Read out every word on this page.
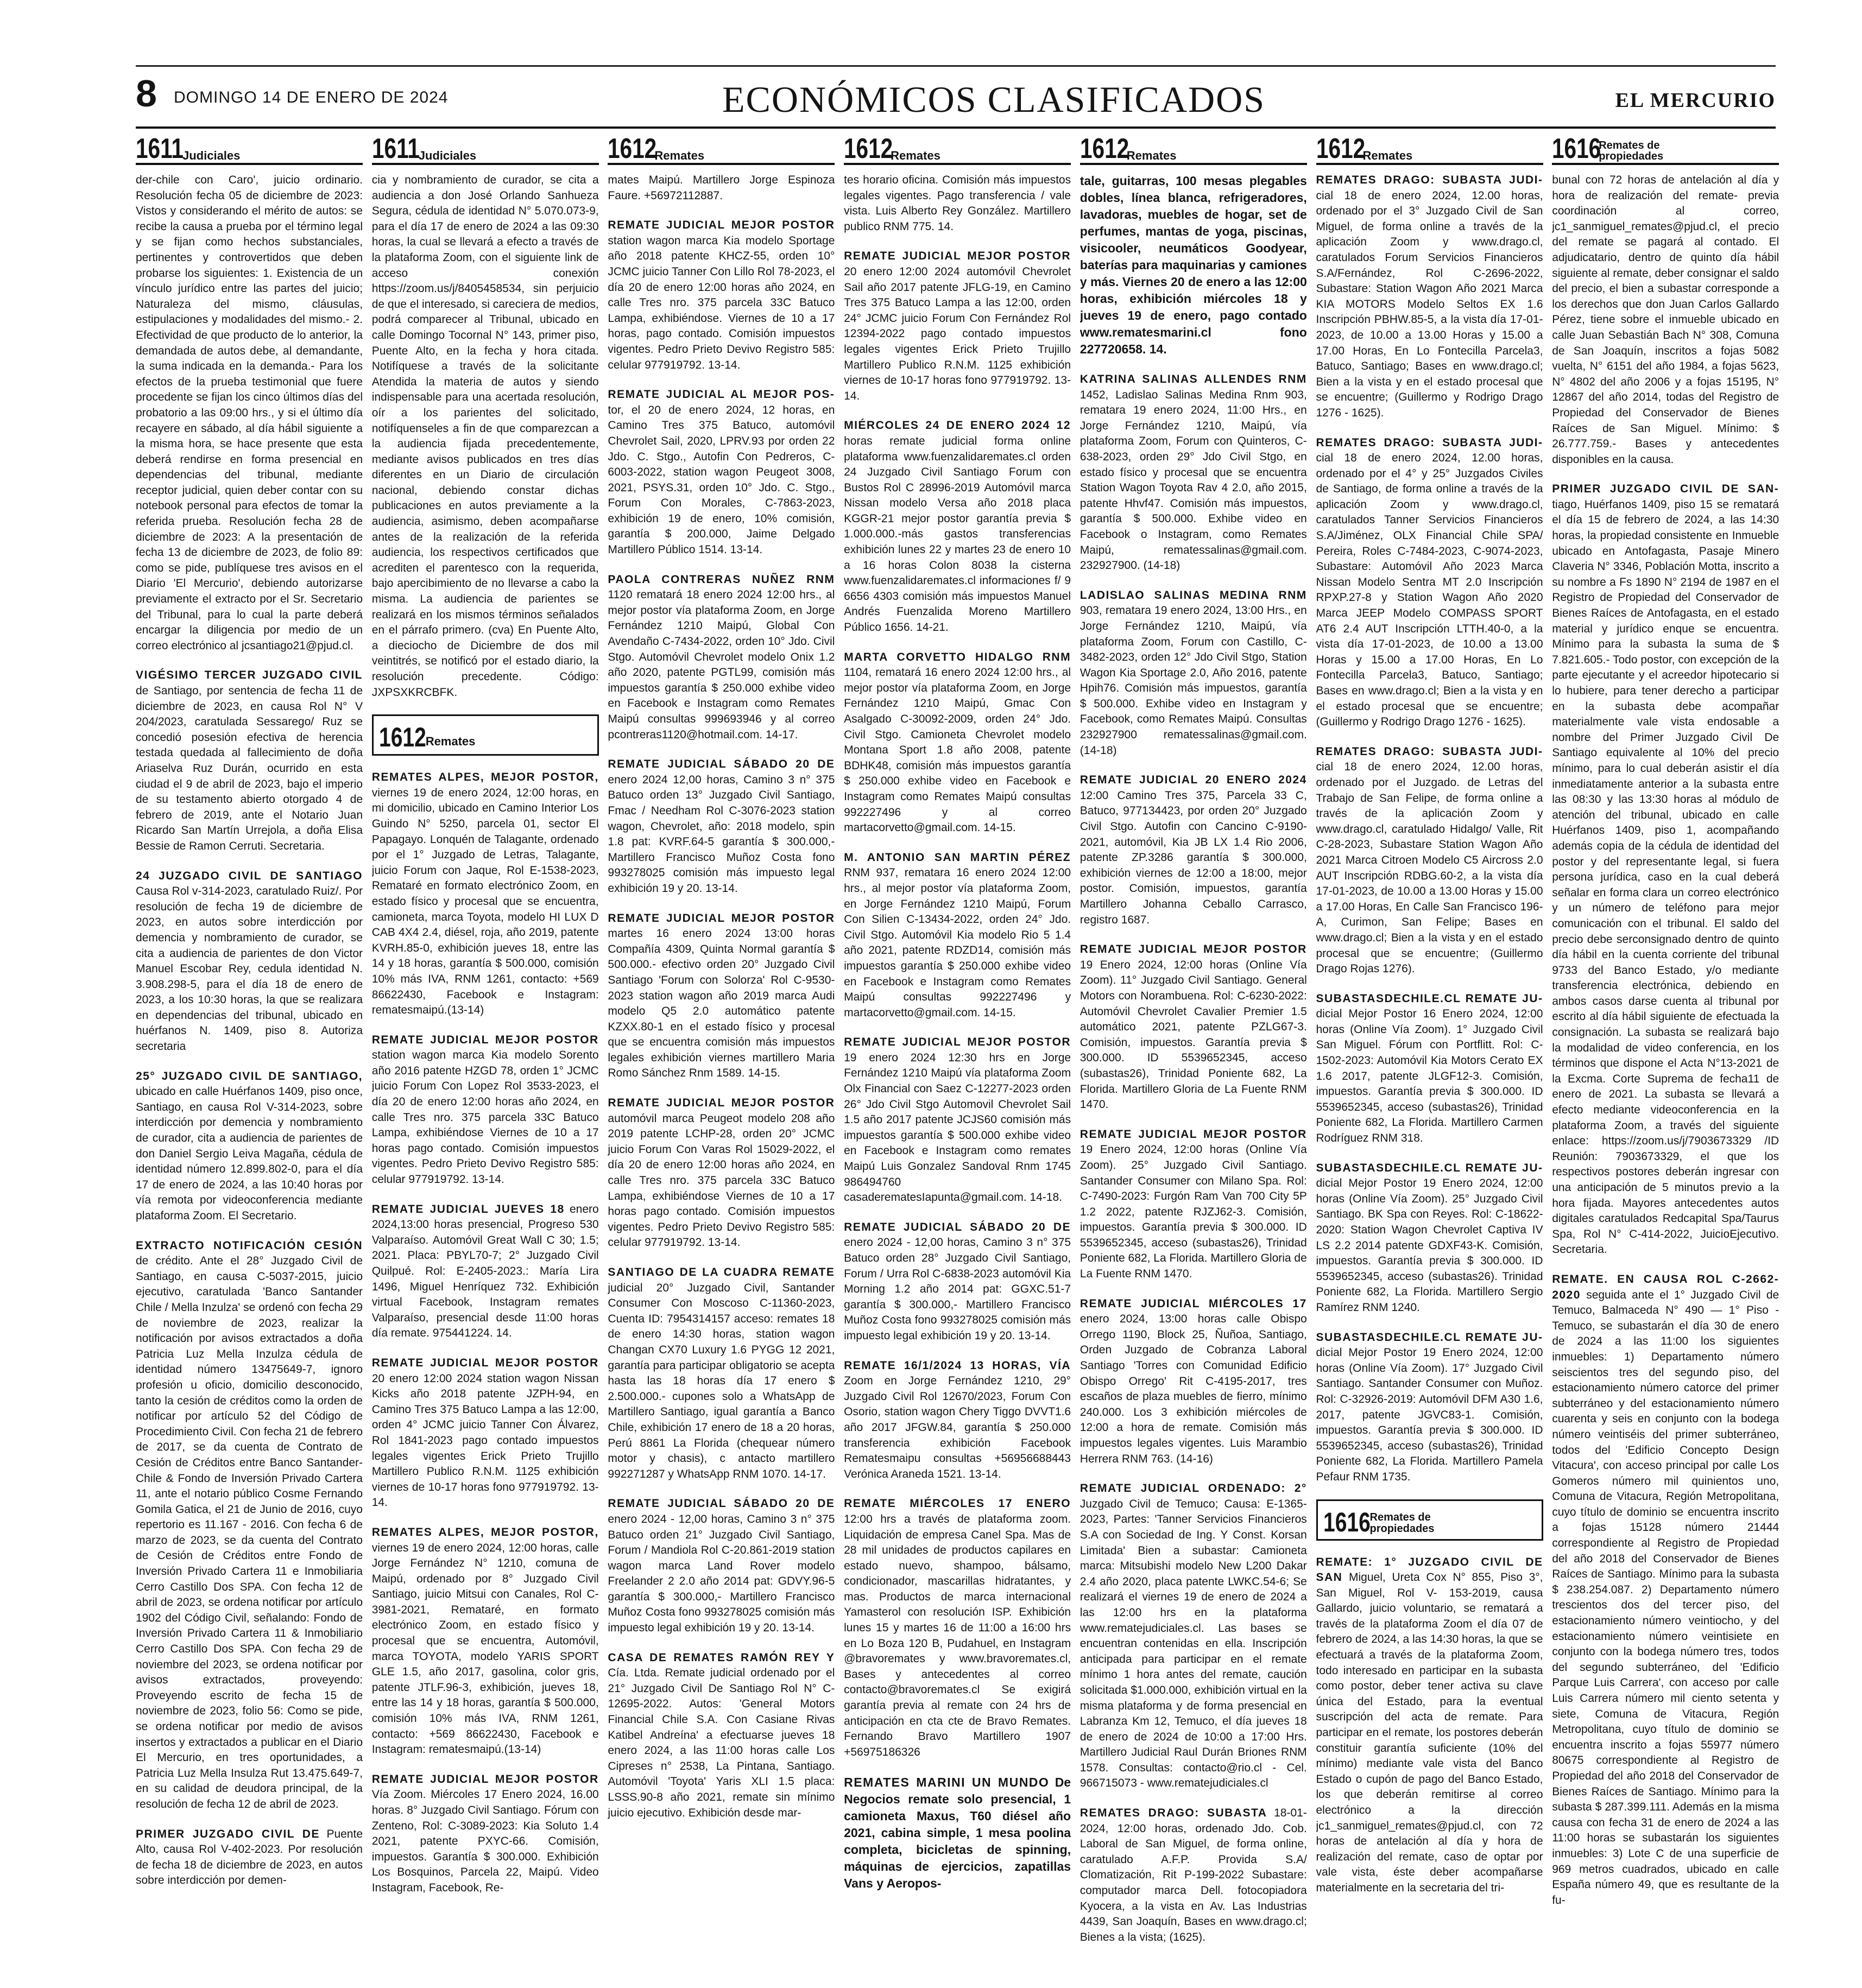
8 DOMINGO 14 DE ENERO DE 2024	ECONÓMICOS CLASIFICADOS	EL MERCURIO
1611
Judiciales

der-chile con Caro', juicio ordinario. Resolución fecha 05 de diciembre de 2023: Vistos y considerando el mérito de autos: se recibe la causa a prueba por el término legal y se fijan como hechos substanciales, pertinentes y controvertidos que deben probarse los siguientes: 1. Existencia de un vínculo jurídico entre las partes del juicio; Naturaleza del mismo, cláusulas, estipulaciones y modalidades del mismo.- 2. Efectividad de que producto de lo anterior, la demandada de autos debe, al demandante, la suma indicada en la demanda.- Para los efectos de la prueba testimonial que fuere procedente se fijan los cinco últimos días del probatorio a las 09:00 hrs., y si el último día recayere en sábado, al día hábil siguiente a la misma hora, se hace presente que esta deberá rendirse en forma presencial en dependencias del tribunal, mediante receptor judicial, quien deber contar con su notebook personal para efectos de tomar la referida prueba. Resolución fecha 28 de diciembre de 2023: A la presentación de fecha 13 de diciembre de 2023, de folio 89: como se pide, publíquese tres avisos en el Diario 'El Mercurio', debiendo autorizarse previamente el extracto por el Sr. Secretario del Tribunal, para lo cual la parte deberá encargar la diligencia por medio de un correo electrónico al jcsantiago21@pjud.cl.

VIGÉSIMO TERCER JUZGADO CIVIL de Santiago, por sentencia de fecha 11 de diciembre de 2023, en causa Rol N° V 204/2023, caratulada Sessarego/ Ruz se concedió posesión efectiva de herencia testada quedada al fallecimiento de doña Ariaselva Ruz Durán, ocurrido en esta ciudad el 9 de abril de 2023, bajo el imperio de su testamento abierto otorgado 4 de febrero de 2019, ante el Notario Juan Ricardo San Martín Urrejola, a doña Elisa Bessie de Ramon Cerruti. Secretaria.

24 JUZGADO CIVIL DE SANTIAGO Causa Rol v-314-2023, caratulado Ruiz/. Por resolución de fecha 19 de diciembre de 2023, en autos sobre interdicción por demencia y nombramiento de curador, se cita a audiencia de parientes de don Victor Manuel Escobar Rey, cedula identidad N. 3.908.298-5, para el día 18 de enero de 2023, a los 10:30 horas, la que se realizara en dependencias del tribunal, ubicado en huérfanos N. 1409, piso 8. Autoriza secretaria

25° JUZGADO CIVIL DE SANTIAGO, ubicado en calle Huérfanos 1409, piso once, Santiago, en causa Rol V-314-2023, sobre interdicción por demencia y nombramiento de curador, cita a audiencia de parientes de don Daniel Sergio Leiva Magaña, cédula de identidad número 12.899.802-0, para el día 17 de enero de 2024, a las 10:40 horas por vía remota por videoconferencia mediante plataforma Zoom. El Secretario.

EXTRACTO NOTIFICACIÓN CESIÓN de crédito. Ante el 28° Juzgado Civil de Santiago, en causa C-5037-2015, juicio ejecutivo, caratulada 'Banco Santander Chile / Mella Inzulza' se ordenó con fecha 29 de noviembre de 2023, realizar la notificación por avisos extractados a doña Patricia Luz Mella Inzulza cédula de identidad número 13475649-7, ignoro profesión u oficio, domicilio desconocido, tanto la cesión de créditos como la orden de notificar por artículo 52 del Código de Procedimiento Civil. Con fecha 21 de febrero de 2017, se da cuenta de Contrato de Cesión de Créditos entre Banco Santander-Chile & Fondo de Inversión Privado Cartera 11, ante el notario público Cosme Fernando Gomila Gatica, el 21 de Junio de 2016, cuyo repertorio es 11.167 - 2016. Con fecha 6 de marzo de 2023, se da cuenta del Contrato de Cesión de Créditos entre Fondo de Inversión Privado Cartera 11 e Inmobiliaria Cerro Castillo Dos SPA. Con fecha 12 de abril de 2023, se ordena notificar por artículo 1902 del Código Civil, señalando: Fondo de Inversión Privado Cartera 11 & Inmobiliario Cerro Castillo Dos SPA. Con fecha 29 de noviembre del 2023, se ordena notificar por avisos extractados, proveyendo: Proveyendo escrito de fecha 15 de noviembre de 2023, folio 56: Como se pide, se ordena notificar por medio de avisos insertos y extractados a publicar en el Diario El Mercurio, en tres oportunidades, a Patricia Luz Mella Insulza Rut 13.475.649-7, en su calidad de deudora principal, de la resolución de fecha 12 de abril de 2023.

PRIMER JUZGADO CIVIL DE Puente Alto, causa Rol V-402-2023. Por resolución de fecha 18 de diciembre de 2023, en autos sobre interdicción por demen-

1611
Judiciales

cia y nombramiento de curador, se cita a audiencia a don José Orlando Sanhueza Segura, cédula de identidad N° 5.070.073-9, para el día 17 de enero de 2024 a las 09:30 horas, la cual se llevará a efecto a través de la plataforma Zoom, con el siguiente link de acceso conexión https://zoom.us/j/8405458534, sin perjuicio de que el interesado, si careciera de medios, podrá comparecer al Tribunal, ubicado en calle Domingo Tocornal N° 143, primer piso, Puente Alto, en la fecha y hora citada. Notifíquese a través de la solicitante Atendida la materia de autos y siendo indispensable para una acertada resolución, oír a los parientes del solicitado, notifíquenseles a fin de que comparezcan a la audiencia fijada precedentemente, mediante avisos publicados en tres días diferentes en un Diario de circulación nacional, debiendo constar dichas publicaciones en autos previamente a la audiencia, asimismo, deben acompañarse antes de la realización de la referida audiencia, los respectivos certificados que acrediten el parentesco con la requerida, bajo apercibimiento de no llevarse a cabo la misma. La audiencia de parientes se realizará en los mismos términos señalados en el párrafo primero. (cva) En Puente Alto, a dieciocho de Diciembre de dos mil veintitrés, se notificó por el estado diario, la resolución precedente. Código: JXPSXKRCBFK.

1612 Remates

REMATES ALPES, MEJOR POSTOR, viernes 19 de enero 2024, 12:00 horas, en mi domicilio, ubicado en Camino Interior Los Guindo N° 5250, parcela 01, sector El Papagayo. Lonquén de Talagante, ordenado por el 1° Juzgado de Letras, Talagante, juicio Forum con Jaque, Rol E-1538-2023, Remataré en formato electrónico Zoom, en estado físico y procesal que se encuentra, camioneta, marca Toyota, modelo HI LUX D CAB 4X4 2.4, diésel, roja, año 2019, patente KVRH.85-0, exhibición jueves 18, entre las 14 y 18 horas, garantía $ 500.000, comisión 10% más IVA, RNM 1261, contacto: +569 86622430, Facebook e Instagram: rematesmaipú.(13-14)

REMATE JUDICIAL MEJOR POSTOR station wagon marca Kia modelo Sorento año 2016 patente HZGD 78, orden 1° JCMC juicio Forum Con Lopez Rol 3533-2023, el día 20 de enero 12:00 horas año 2024, en calle Tres nro. 375 parcela 33C Batuco Lampa, exhibiéndose Viernes de 10 a 17 horas pago contado. Comisión impuestos vigentes. Pedro Prieto Devivo Registro 585: celular 977919792. 13-14.

REMATE JUDICIAL JUEVES 18 enero 2024,13:00 horas presencial, Progreso 530 Valparaíso. Automóvil Great Wall C 30; 1.5; 2021. Placa: PBYL70-7; 2° Juzgado Civil Quilpué. Rol: E-2405-2023.: María Lira 1496, Miguel Henríquez 732. Exhibición virtual Facebook, Instagram remates Valparaíso, presencial desde 11:00 horas día remate. 975441224. 14.

REMATE JUDICIAL MEJOR POSTOR 20 enero 12:00 2024 station wagon Nissan Kicks año 2018 patente JZPH-94, en Camino Tres 375 Batuco Lampa a las 12:00, orden 4° JCMC juicio Tanner Con Álvarez, Rol 1841-2023 pago contado impuestos legales vigentes Erick Prieto Trujillo Martillero Publico R.N.M. 1125 exhibición viernes de 10-17 horas fono 977919792. 13-14.

REMATES ALPES, MEJOR POSTOR, viernes 19 de enero 2024, 12:00 horas, calle Jorge Fernández N° 1210, comuna de Maipú, ordenado por 8° Juzgado Civil Santiago, juicio Mitsui con Canales, Rol C-3981-2021, Remataré, en formato electrónico Zoom, en estado físico y procesal que se encuentra, Automóvil, marca TOYOTA, modelo YARIS SPORT GLE 1.5, año 2017, gasolina, color gris, patente JTLF.96-3, exhibición, jueves 18, entre las 14 y 18 horas, garantía $ 500.000, comisión 10% más IVA, RNM 1261, contacto: +569 86622430, Facebook e Instagram: rematesmaipú.(13-14)

REMATE JUDICIAL MEJOR POSTOR Vía Zoom. Miércoles 17 Enero 2024, 16.00 horas. 8° Juzgado Civil Santiago. Fórum con Zenteno, Rol: C-3089-2023: Kia Soluto 1.4 2021, patente PXYC-66. Comisión, impuestos. Garantía $ 300.000. Exhibición Los Bosquinos, Parcela 22, Maipú. Video Instagram, Facebook, Re-

1612
Remates

mates Maipú. Martillero Jorge Espinoza Faure. +56972112887.

REMATE JUDICIAL MEJOR POSTOR station wagon marca Kia modelo Sportage año 2018 patente KHCZ-55, orden 10° JCMC juicio Tanner Con Lillo Rol 78-2023, el día 20 de enero 12:00 horas año 2024, en calle Tres nro. 375 parcela 33C Batuco Lampa, exhibiéndose. Viernes de 10 a 17 horas, pago contado. Comisión impuestos vigentes. Pedro Prieto Devivo Registro 585: celular 977919792. 13-14.

REMATE JUDICIAL AL MEJOR POS- tor, el 20 de enero 2024, 12 horas, en Camino Tres 375 Batuco, automóvil Chevrolet Sail, 2020, LPRV.93 por orden 22 Jdo. C. Stgo., Autofin Con Pedreros, C-6003-2022, station wagon Peugeot 3008, 2021, PSYS.31, orden 10° Jdo. C. Stgo., Forum Con Morales, C-7863-2023, exhibición 19 de enero, 10% comisión, garantía $ 200.000, Jaime Delgado Martillero Público 1514. 13-14.

PAOLA CONTRERAS NUÑEZ RNM 1120 rematará 18 enero 2024 12:00 hrs., al mejor postor vía plataforma Zoom, en Jorge Fernández 1210 Maipú, Global Con Avendaño C-7434-2022, orden 10° Jdo. Civil Stgo. Automóvil Chevrolet modelo Onix 1.2 año 2020, patente PGTL99, comisión más impuestos garantía $ 250.000 exhibe video en Facebook e Instagram como Remates Maipú consultas 999693946 y al correo pcontreras1120@hotmail.com. 14-17.

REMATE JUDICIAL SÁBADO 20 DE enero 2024 12,00 horas, Camino 3 n° 375 Batuco orden 13° Juzgado Civil Santiago, Fmac / Needham Rol C-3076-2023 station wagon, Chevrolet, año: 2018 modelo, spin 1.8 pat: KVRF.64-5 garantía $ 300.000,- Martillero Francisco Muñoz Costa fono 993278025 comisión más impuesto legal exhibición 19 y 20. 13-14.

REMATE JUDICIAL MEJOR POSTOR martes 16 enero 2024 13:00 horas Compañía 4309, Quinta Normal garantía $ 500.000.- efectivo orden 20° Juzgado Civil Santiago 'Forum con Solorza' Rol C-9530-2023 station wagon año 2019 marca Audi modelo Q5 2.0 automático patente KZXX.80-1 en el estado físico y procesal que se encuentra comisión más impuestos legales exhibición viernes martillero Maria Romo Sánchez Rnm 1589. 14-15.

REMATE JUDICIAL MEJOR POSTOR automóvil marca Peugeot modelo 208 año 2019 patente LCHP-28, orden 20° JCMC juicio Forum Con Varas Rol 15029-2022, el día 20 de enero 12:00 horas año 2024, en calle Tres nro. 375 parcela 33C Batuco Lampa, exhibiéndose Viernes de 10 a 17 horas pago contado. Comisión impuestos vigentes. Pedro Prieto Devivo Registro 585: celular 977919792. 13-14.

SANTIAGO DE LA CUADRA REMATE judicial 20° Juzgado Civil, Santander Consumer Con Moscoso C-11360-2023, Cuenta ID: 7954314157 acceso: remates 18 de enero 14:30 horas, station wagon Changan CX70 Luxury 1.6 PYGG 12 2021, garantía para participar obligatorio se acepta hasta las 18 horas día 17 enero $ 2.500.000.- cupones solo a WhatsApp de Martillero Santiago, igual garantía a Banco Chile, exhibición 17 enero de 18 a 20 horas, Perú 8861 La Florida (chequear número motor y chasis), c antacto martillero 992271287 y WhatsApp RNM 1070. 14-17.

REMATE JUDICIAL SÁBADO 20 DE enero 2024 - 12,00 horas, Camino 3 n° 375 Batuco orden 21° Juzgado Civil Santiago, Forum / Mandiola Rol C-20.861-2019 station wagon marca Land Rover modelo Freelander 2 2.0 año 2014 pat: GDVY.96-5 garantía $ 300.000,- Martillero Francisco Muñoz Costa fono 993278025 comisión más impuesto legal exhibición 19 y 20. 13-14.

CASA DE REMATES RAMÓN REY Y Cía. Ltda. Remate judicial ordenado por el 21° Juzgado Civil De Santiago Rol N° C-12695-2022. Autos: 'General Motors Financial Chile S.A. Con Casiane Rivas Katibel Andreína' a efectuarse jueves 18 enero 2024, a las 11:00 horas calle Los Cipreses n° 2538, La Pintana, Santiago. Automóvil 'Toyota' Yaris XLI 1.5 placa: LSSS.90-8 año 2021, remate sin mínimo juicio ejecutivo. Exhibición desde mar-

1612
Remates

tes horario oficina. Comisión más impuestos legales vigentes. Pago transferencia / vale vista. Luis Alberto Rey González. Martillero publico RNM 775. 14.

REMATE JUDICIAL MEJOR POSTOR 20 enero 12:00 2024 automóvil Chevrolet Sail año 2017 patente JFLG-19, en Camino Tres 375 Batuco Lampa a las 12:00, orden 24° JCMC juicio Forum Con Fernández Rol 12394-2022 pago contado impuestos legales vigentes Erick Prieto Trujillo Martillero Publico R.N.M. 1125 exhibición viernes de 10-17 horas fono 977919792. 13-14.

MIÉRCOLES 24 DE ENERO 2024 12 horas remate judicial forma online plataforma www.fuenzalidaremates.cl orden 24 Juzgado Civil Santiago Forum con Bustos Rol C 28996-2019 Automóvil marca Nissan modelo Versa año 2018 placa KGGR-21 mejor postor garantía previa $ 1.000.000.-más gastos transferencias exhibición lunes 22 y martes 23 de enero 10 a 16 horas Colon 8038 la cisterna www.fuenzalidaremates.cl informaciones f/ 9 6656 4303 comisión más impuestos Manuel Andrés Fuenzalida Moreno Martillero Público 1656. 14-21.

MARTA CORVETTO HIDALGO RNM 1104, rematará 16 enero 2024 12:00 hrs., al mejor postor vía plataforma Zoom, en Jorge Fernández 1210 Maipú, Gmac Con Asalgado C-30092-2009, orden 24° Jdo. Civil Stgo. Camioneta Chevrolet modelo Montana Sport 1.8 año 2008, patente BDHK48, comisión más impuestos garantía $ 250.000 exhibe video en Facebook e Instagram como Remates Maipú consultas 992227496 y al correo martacorvetto@gmail.com. 14-15.

M. ANTONIO SAN MARTIN PÉREZ RNM 937, rematara 16 enero 2024 12:00 hrs., al mejor postor vía plataforma Zoom, en Jorge Fernández 1210 Maipú, Forum Con Silien C-13434-2022, orden 24° Jdo. Civil Stgo. Automóvil Kia modelo Rio 5 1.4 año 2021, patente RDZD14, comisión más impuestos garantía $ 250.000 exhibe video en Facebook e Instagram como Remates Maipú consultas 992227496 y martacorvetto@gmail.com. 14-15.

REMATE JUDICIAL MEJOR POSTOR 19 enero 2024 12:30 hrs en Jorge Fernández 1210 Maipú vía plataforma Zoom Olx Financial con Saez C-12277-2023 orden 26° Jdo Civil Stgo Automovil Chevrolet Sail 1.5 año 2017 patente JCJS60 comisión más impuestos garantía $ 500.000 exhibe video en Facebook e Instagram como remates Maipú Luis Gonzalez Sandoval Rnm 1745 986494760 casaderematesIapunta@gmail.com. 14-18.

REMATE JUDICIAL SÁBADO 20 DE enero 2024 - 12,00 horas, Camino 3 n° 375 Batuco orden 28° Juzgado Civil Santiago, Forum / Urra Rol C-6838-2023 automóvil Kia Morning 1.2 año 2014 pat: GGXC.51-7 garantía $ 300.000,- Martillero Francisco Muñoz Costa fono 993278025 comisión más impuesto legal exhibición 19 y 20. 13-14.

REMATE 16/1/2024 13 HORAS, VÍA Zoom en Jorge Fernández 1210, 29° Juzgado Civil Rol 12670/2023, Forum Con Osorio, station wagon Chery Tiggo DVVT1.6 año 2017 JFGW.84, garantía $ 250.000 transferencia exhibición Facebook Rematesmaipu consultas +56956688443 Verónica Araneda 1521. 13-14.

REMATE MIÉRCOLES 17 ENERO 12:00 hrs a través de plataforma zoom. Liquidación de empresa Canel Spa. Mas de 28 mil unidades de productos capilares en estado nuevo, shampoo, bálsamo, condicionador, mascarillas hidratantes, y mas. Productos de marca internacional Yamasterol con resolución ISP. Exhibición lunes 15 y martes 16 de 11:00 a 16:00 hrs en Lo Boza 120 B, Pudahuel, en Instagram @bravoremates y www.bravoremates.cl, Bases y antecedentes al correo contacto@bravoremates.cl Se exigirá garantía previa al remate con 24 hrs de anticipación en cta cte de Bravo Remates. Fernando Bravo Martillero 1907 +56975186326

REMATES MARINI UN MUNDO De Negocios remate solo presencial, 1 camioneta Maxus, T60 diésel año 2021, cabina simple, 1 mesa poolina completa, bicicletas de spinning, máquinas de ejercicios, zapatillas Vans y Aeropos-

1612
Remates

tale, guitarras, 100 mesas plegables dobles, línea blanca, refrigeradores, lavadoras, muebles de hogar, set de perfumes, mantas de yoga, piscinas, visicooler, neumáticos Goodyear, baterías para maquinarias y camiones y más. Viernes 20 de enero a las 12:00 horas, exhibición miércoles 18 y jueves 19 de enero, pago contado www.rematesmarini.cl fono 227720658. 14.

KATRINA SALINAS ALLENDES RNM 1452, Ladislao Salinas Medina Rnm 903, rematara 19 enero 2024, 11:00 Hrs., en Jorge Fernández 1210, Maipú, vía plataforma Zoom, Forum con Quinteros, C-638-2023, orden 29° Jdo Civil Stgo, en estado físico y procesal que se encuentra Station Wagon Toyota Rav 4 2.0, año 2015, patente Hhvf47. Comisión más impuestos, garantía $ 500.000. Exhibe video en Facebook o Instagram, como Remates Maipú, rematessalinas@gmail.com. 232927900. (14-18)

LADISLAO SALINAS MEDINA RNM 903, rematara 19 enero 2024, 13:00 Hrs., en Jorge Fernández 1210, Maipú, vía plataforma Zoom, Forum con Castillo, C-3482-2023, orden 12° Jdo Civil Stgo, Station Wagon Kia Sportage 2.0, Año 2016, patente Hpih76. Comisión más impuestos, garantía $ 500.000. Exhibe video en Instagram y Facebook, como Remates Maipú. Consultas 232927900 rematessalinas@gmail.com. (14-18)

REMATE JUDICIAL 20 ENERO 2024 12:00 Camino Tres 375, Parcela 33 C, Batuco, 977134423, por orden 20° Juzgado Civil Stgo. Autofin con Cancino C-9190-2021, automóvil, Kia JB LX 1.4 Rio 2006, patente ZP.3286 garantía $ 300.000, exhibición viernes de 12:00 a 18:00, mejor postor. Comisión, impuestos, garantía Martillero Johanna Ceballo Carrasco, registro 1687.

REMATE JUDICIAL MEJOR POSTOR 19 Enero 2024, 12:00 horas (Online Vía Zoom). 11° Juzgado Civil Santiago. General Motors con Norambuena. Rol: C-6230-2022: Automóvil Chevrolet Cavalier Premier 1.5 automático 2021, patente PZLG67-3. Comisión, impuestos. Garantía previa $ 300.000. ID 5539652345, acceso (subastas26), Trinidad Poniente 682, La Florida. Martillero Gloria de La Fuente RNM 1470.

REMATE JUDICIAL MEJOR POSTOR 19 Enero 2024, 12:00 horas (Online Vía Zoom). 25° Juzgado Civil Santiago. Santander Consumer con Milano Spa. Rol: C-7490-2023: Furgón Ram Van 700 City 5P 1.2 2022, patente RJZJ62-3. Comisión, impuestos. Garantía previa $ 300.000. ID 5539652345, acceso (subastas26), Trinidad Poniente 682, La Florida. Martillero Gloria de La Fuente RNM 1470.

REMATE JUDICIAL MIÉRCOLES 17 enero 2024, 13:00 horas calle Obispo Orrego 1190, Block 25, Ñuñoa, Santiago, Orden Juzgado de Cobranza Laboral Santiago 'Torres con Comunidad Edificio Obispo Orrego' Rit C-4195-2017, tres escaños de plaza muebles de fierro, mínimo 240.000. Los 3 exhibición miércoles de 12:00 a hora de remate. Comisión más impuestos legales vigentes. Luis Marambio Herrera RNM 763. (14-16)

REMATE JUDICIAL ORDENADO: 2° Juzgado Civil de Temuco; Causa: E-1365-2023, Partes: 'Tanner Servicios Financieros S.A con Sociedad de Ing. Y Const. Korsan Limitada' Bien a subastar: Camioneta marca: Mitsubishi modelo New L200 Dakar 2.4 año 2020, placa patente LWKC.54-6; Se realizará el viernes 19 de enero de 2024 a las 12:00 hrs en la plataforma www.rematejudiciales.cl. Las bases se encuentran contenidas en ella. Inscripción anticipada para participar en el remate mínimo 1 hora antes del remate, caución solicitada $1.000.000, exhibición virtual en la misma plataforma y de forma presencial en Labranza Km 12, Temuco, el día jueves 18 de enero de 2024 de 10:00 a 17:00 Hrs. Martillero Judicial Raul Durán Briones RNM 1578. Consultas: contacto@rio.cl - Cel. 966715073 - www.rematejudiciales.cl

REMATES DRAGO: SUBASTA 18-01-2024, 12:00 horas, ordenado Jdo. Cob. Laboral de San Miguel, de forma online, caratulado A.F.P. Provida S.A/ Clomatización, Rit P-199-2022 Subastare: computador marca Dell. fotocopiadora Kyocera, a la vista en Av. Las Industrias 4439, San Joaquín, Bases en www.drago.cl; Bienes a la vista; (1625).

1612
Remates

REMATES DRAGO: SUBASTA JUDI- cial 18 de enero 2024, 12.00 horas, ordenado por el 3° Juzgado Civil de San Miguel, de forma online a través de la aplicación Zoom y www.drago.cl, caratulados Forum Servicios Financieros S.A/Fernández, Rol C-2696-2022, Subastare: Station Wagon Año 2021 Marca KIA MOTORS Modelo Seltos EX 1.6 Inscripción PBHW.85-5, a la vista día 17-01-2023, de 10.00 a 13.00 Horas y 15.00 a 17.00 Horas, En Lo Fontecilla Parcela3, Batuco, Santiago; Bases en www.drago.cl; Bien a la vista y en el estado procesal que se encuentre; (Guillermo y Rodrigo Drago 1276 - 1625).

REMATES DRAGO: SUBASTA JUDI- cial 18 de enero 2024, 12.00 horas, ordenado por el 4° y 25° Juzgados Civiles de Santiago, de forma online a través de la aplicación Zoom y www.drago.cl, caratulados Tanner Servicios Financieros S.A/Jiménez, OLX Financial Chile SPA/ Pereira, Roles C-7484-2023, C-9074-2023, Subastare: Automóvil Año 2023 Marca Nissan Modelo Sentra MT 2.0 Inscripción RPXP.27-8 y Station Wagon Año 2020 Marca JEEP Modelo COMPASS SPORT AT6 2.4 AUT Inscripción LTTH.40-0, a la vista día 17-01-2023, de 10.00 a 13.00 Horas y 15.00 a 17.00 Horas, En Lo Fontecilla Parcela3, Batuco, Santiago; Bases en www.drago.cl; Bien a la vista y en el estado procesal que se encuentre; (Guillermo y Rodrigo Drago 1276 - 1625).

REMATES DRAGO: SUBASTA JUDI- cial 18 de enero 2024, 12.00 horas, ordenado por el Juzgado. de Letras del Trabajo de San Felipe, de forma online a través de la aplicación Zoom y www.drago.cl, caratulado Hidalgo/ Valle, Rit C-28-2023, Subastare Station Wagon Año 2021 Marca Citroen Modelo C5 Aircross 2.0 AUT Inscripción RDBG.60-2, a la vista día 17-01-2023, de 10.00 a 13.00 Horas y 15.00 a 17.00 Horas, En Calle San Francisco 196-A, Curimon, San Felipe; Bases en www.drago.cl; Bien a la vista y en el estado procesal que se encuentre; (Guillermo Drago Rojas 1276).

SUBASTASDECHILE.CL REMATE JU- dicial Mejor Postor 16 Enero 2024, 12:00 horas (Online Vía Zoom). 1° Juzgado Civil San Miguel. Fórum con Portflitt. Rol: C-1502-2023: Automóvil Kia Motors Cerato EX 1.6 2017, patente JLGF12-3. Comisión, impuestos. Garantía previa $ 300.000. ID 5539652345, acceso (subastas26), Trinidad Poniente 682, La Florida. Martillero Carmen Rodríguez RNM 318.

SUBASTASDECHILE.CL REMATE JU- dicial Mejor Postor 19 Enero 2024, 12:00 horas (Online Vía Zoom). 25° Juzgado Civil Santiago. BK Spa con Reyes. Rol: C-18622-2020: Station Wagon Chevrolet Captiva IV LS 2.2 2014 patente GDXF43-K. Comisión, impuestos. Garantía previa $ 300.000. ID 5539652345, acceso (subastas26). Trinidad Poniente 682, La Florida. Martillero Sergio Ramírez RNM 1240.

SUBASTASDECHILE.CL REMATE JU- dicial Mejor Postor 19 Enero 2024, 12:00 horas (Online Vía Zoom). 17° Juzgado Civil Santiago. Santander Consumer con Muñoz. Rol: C-32926-2019: Automóvil DFM A30 1.6, 2017, patente JGVC83-1. Comisión, impuestos. Garantía previa $ 300.000. ID 5539652345, acceso (subastas26), Trinidad Poniente 682, La Florida. Martillero Pamela Pefaur RNM 1735.

1616 Remates de propiedades

REMATE: 1° JUZGADO CIVIL DE SAN Miguel, Ureta Cox N° 855, Piso 3°, San Miguel, Rol V- 153-2019, causa Gallardo, juicio voluntario, se rematará a través de la plataforma Zoom el día 07 de febrero de 2024, a las 14:30 horas, la que se efectuará a través de la plataforma Zoom, todo interesado en participar en la subasta como postor, deber tener activa su clave única del Estado, para la eventual suscripción del acta de remate. Para participar en el remate, los postores deberán constituir garantía suficiente (10% del mínimo) mediante vale vista del Banco Estado o cupón de pago del Banco Estado, los que deberán remitirse al correo electrónico a la dirección jc1_sanmiguel_remates@pjud.cl, con 72 horas de antelación al día y hora de realización del remate, caso de optar por vale vista, éste deber acompañarse materialmente en la secretaria del tri-

1616
Remates de propiedades

bunal con 72 horas de antelación al día y hora de realización del remate- previa coordinación al correo, jc1_sanmiguel_remates@pjud.cl, el precio del remate se pagará al contado. El adjudicatario, dentro de quinto día hábil siguiente al remate, deber consignar el saldo del precio, el bien a subastar corresponde a los derechos que don Juan Carlos Gallardo Pérez, tiene sobre el inmueble ubicado en calle Juan Sebastián Bach N° 308, Comuna de San Joaquín, inscritos a fojas 5082 vuelta, N° 6151 del año 1984, a fojas 5623, N° 4802 del año 2006 y a fojas 15195, N° 12867 del año 2014, todas del Registro de Propiedad del Conservador de Bienes Raíces de San Miguel. Mínimo: $ 26.777.759.- Bases y antecedentes disponibles en la causa.

PRIMER JUZGADO CIVIL DE SAN- tiago, Huérfanos 1409, piso 15 se rematará el día 15 de febrero de 2024, a las 14:30 horas, la propiedad consistente en Inmueble ubicado en Antofagasta, Pasaje Minero Claveria N° 3346, Población Motta, inscrito a su nombre a Fs 1890 N° 2194 de 1987 en el Registro de Propiedad del Conservador de Bienes Raíces de Antofagasta, en el estado material y jurídico enque se encuentra. Mínimo para la subasta la suma de $ 7.821.605.- Todo postor, con excepción de la parte ejecutante y el acreedor hipotecario si lo hubiere, para tener derecho a participar en la subasta debe acompañar materialmente vale vista endosable a nombre del Primer Juzgado Civil De Santiago equivalente al 10% del precio mínimo, para lo cual deberán asistir el día inmediatamente anterior a la subasta entre las 08:30 y las 13:30 horas al módulo de atención del tribunal, ubicado en calle Huérfanos 1409, piso 1, acompañando además copia de la cédula de identidad del postor y del representante legal, si fuera persona jurídica, caso en la cual deberá señalar en forma clara un correo electrónico y un número de teléfono para mejor comunicación con el tribunal. El saldo del precio debe serconsignado dentro de quinto día hábil en la cuenta corriente del tribunal 9733 del Banco Estado, y/o mediante transferencia electrónica, debiendo en ambos casos darse cuenta al tribunal por escrito al día hábil siguiente de efectuada la consignación. La subasta se realizará bajo la modalidad de video conferencia, en los términos que dispone el Acta N°13-2021 de la Excma. Corte Suprema de fecha11 de enero de 2021. La subasta se llevará a efecto mediante videoconferencia en la plataforma Zoom, a través del siguiente enlace: https://zoom.us/j/7903673329 /ID Reunión: 7903673329, el que los respectivos postores deberán ingresar con una anticipación de 5 minutos previo a la hora fijada. Mayores antecedentes autos digitales caratulados Redcapital Spa/Taurus Spa, Rol N° C-414-2022, JuicioEjecutivo. Secretaria.

REMATE. EN CAUSA ROL C-2662-2020 seguida ante el 1° Juzgado Civil de Temuco, Balmaceda N° 490 — 1° Piso - Temuco, se subastarán el día 30 de enero de 2024 a las 11:00 los siguientes inmuebles: 1) Departamento número seiscientos tres del segundo piso, del estacionamiento número catorce del primer subterráneo y del estacionamiento número cuarenta y seis en conjunto con la bodega número veintiséis del primer subterráneo, todos del 'Edificio Concepto Design Vitacura', con acceso principal por calle Los Gomeros número mil quinientos uno, Comuna de Vitacura, Región Metropolitana, cuyo título de dominio se encuentra inscrito a fojas 15128 número 21444 correspondiente al Registro de Propiedad del año 2018 del Conservador de Bienes Raíces de Santiago. Mínimo para la subasta $ 238.254.087. 2) Departamento número trescientos dos del tercer piso, del estacionamiento número veintiocho, y del estacionamiento número veintisiete en conjunto con la bodega número tres, todos del segundo subterráneo, del 'Edificio Parque Luis Carrera', con acceso por calle Luis Carrera número mil ciento setenta y siete, Comuna de Vitacura, Región Metropolitana, cuyo título de dominio se encuentra inscrito a fojas 55977 número 80675 correspondiente al Registro de Propiedad del año 2018 del Conservador de Bienes Raíces de Santiago. Mínimo para la subasta $ 287.399.111. Además en la misma causa con fecha 31 de enero de 2024 a las 11:00 horas se subastarán los siguientes inmuebles: 3) Lote C de una superficie de 969 metros cuadrados, ubicado en calle España número 49, que es resultante de la fu-
